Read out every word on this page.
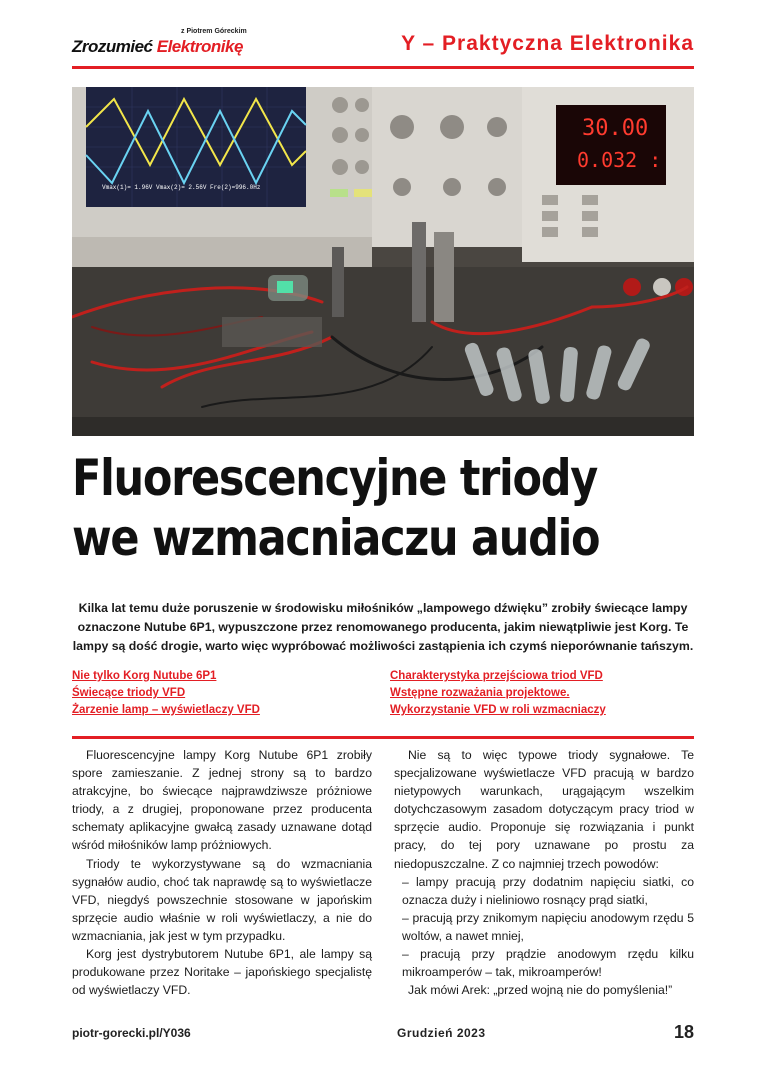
z Piotrem Góreckim
Zrozumieć Elektronikę	Y – Praktyczna Elektronika
Vmax(1)= 1.96V Vmax(2)= 2.56V Fre(2)=996.0Hz
30.00
0.032 :
Fluorescencyjne triody
we wzmacniaczu audio
Kilka lat temu duże poruszenie w środowisku miłośników „lampowego dźwięku” zrobiły świecące lampy oznaczone Nutube 6P1, wypuszczone przez renomowanego producenta, jakim niewątpliwie jest Korg. Te lampy są dość drogie, warto więc wypróbować możliwości zastąpienia ich czymś nieporównanie tańszym.
Nie tylko Korg Nutube 6P1
Świecące triody VFD
Żarzenie lamp – wyświetlaczy VFD
Charakterystyka przejściowa triod VFD
Wstępne rozważania projektowe.
Wykorzystanie VFD w roli wzmacniaczy

Fluorescencyjne lampy Korg Nutube 6P1 zrobiły spore zamieszanie. Z jednej strony są to bardzo atrakcyjne, bo świecące najprawdziwsze próżniowe triody, a z drugiej, proponowane przez producenta schematy aplikacyjne gwałcą zasady uznawane dotąd wśród miłośników lamp próżniowych.

Triody te wykorzystywane są do wzmacniania sygnałów audio, choć tak naprawdę są to wyświetlacze VFD, niegdyś powszechnie stosowane w japońskim sprzęcie audio właśnie w roli wyświetlaczy, a nie do wzmacniania, jak jest w tym przypadku.

Korg jest dystrybutorem Nutube 6P1, ale lampy są produkowane przez Noritake – japońskiego specjalistę od wyświetlaczy VFD.

Nie są to więc typowe triody sygnałowe. Te specjalizowane wyświetlacze VFD pracują w bardzo nietypowych warunkach, urągającym wszelkim dotychczasowym zasadom dotyczącym pracy triod w sprzęcie audio. Proponuje się rozwiązania i punkt pracy, do tej pory uznawane po prostu za niedopuszczalne. Z co najmniej trzech powodów:

– lampy pracują przy dodatnim napięciu siatki, co oznacza duży i nieliniowo rosnący prąd siatki,

– pracują przy znikomym napięciu anodowym rzędu 5 woltów, a nawet mniej,

– pracują przy prądzie anodowym rzędu kilku mikroamperów – tak, mikroamperów!

Jak mówi Arek: „przed wojną nie do pomyślenia!”

piotr-gorecki.pl/Y036	Grudzień 2023	18
